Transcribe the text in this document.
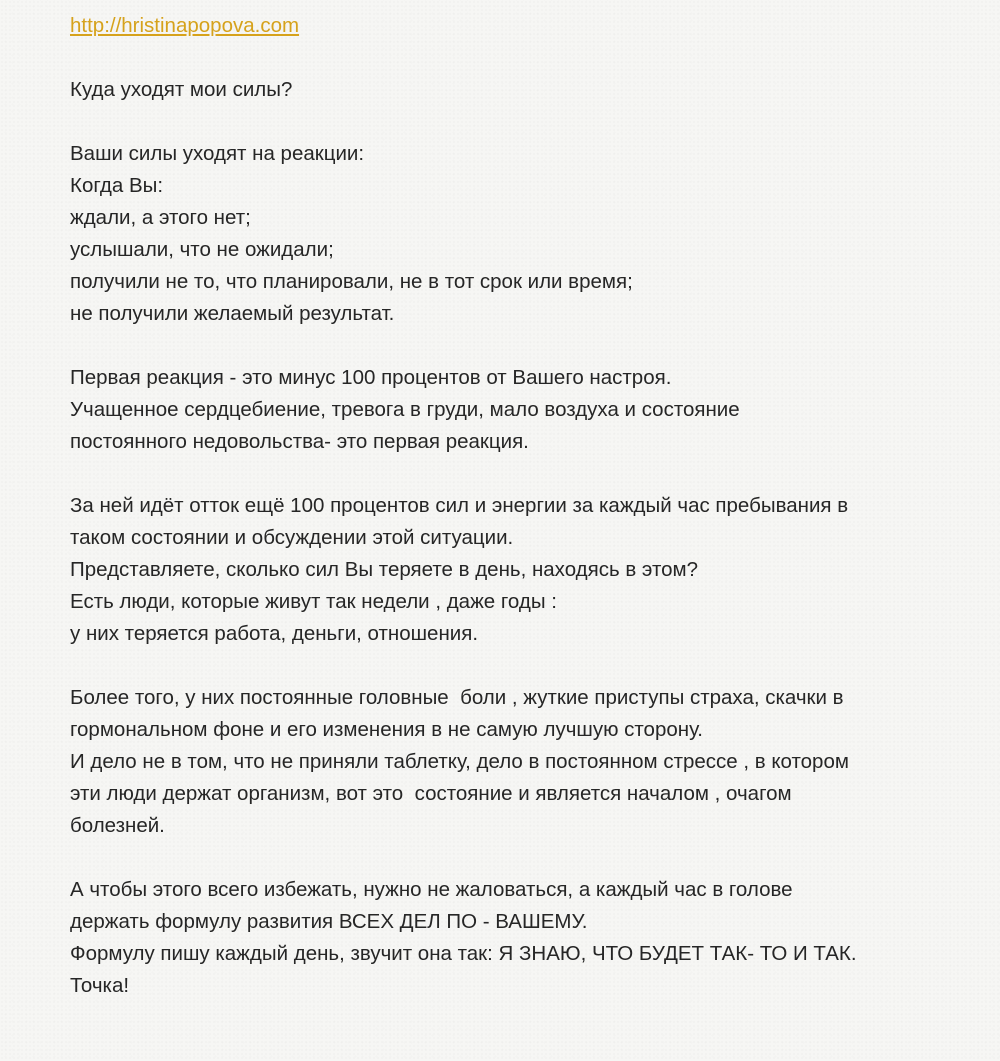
http://hristinapopova.com
Куда уходят мои силы?
Ваши силы уходят на реакции:
Когда Вы:
ждали, а этого нет;
услышали, что не ожидали;
получили не то, что планировали, не в тот срок или время;
не получили желаемый результат.
Первая реакция - это минус 100 процентов от Вашего настроя.
Учащенное сердцебиение, тревога в груди, мало воздуха и состояние
постоянного недовольства- это первая реакция.
За ней идёт отток ещё 100 процентов сил и энергии за каждый час пребывания в
таком состоянии и обсуждении этой ситуации.
Представляете, сколько сил Вы теряете в день, находясь в этом?
Есть люди, которые живут так недели , даже годы :
у них теряется работа, деньги, отношения.
Более того, у них постоянные головные  боли , жуткие приступы страха, скачки в
гормональном фоне и его изменения в не самую лучшую сторону.
И дело не в том, что не приняли таблетку, дело в постоянном стрессе , в котором
эти люди держат организм, вот это  состояние и является началом , очагом
болезней.
А чтобы этого всего избежать, нужно не жаловаться, а каждый час в голове
держать формулу развития ВСЕХ ДЕЛ ПО - ВАШЕМУ.
Формулу пишу каждый день, звучит она так: Я ЗНАЮ, ЧТО БУДЕТ ТАК- ТО И ТАК.
Точка!
